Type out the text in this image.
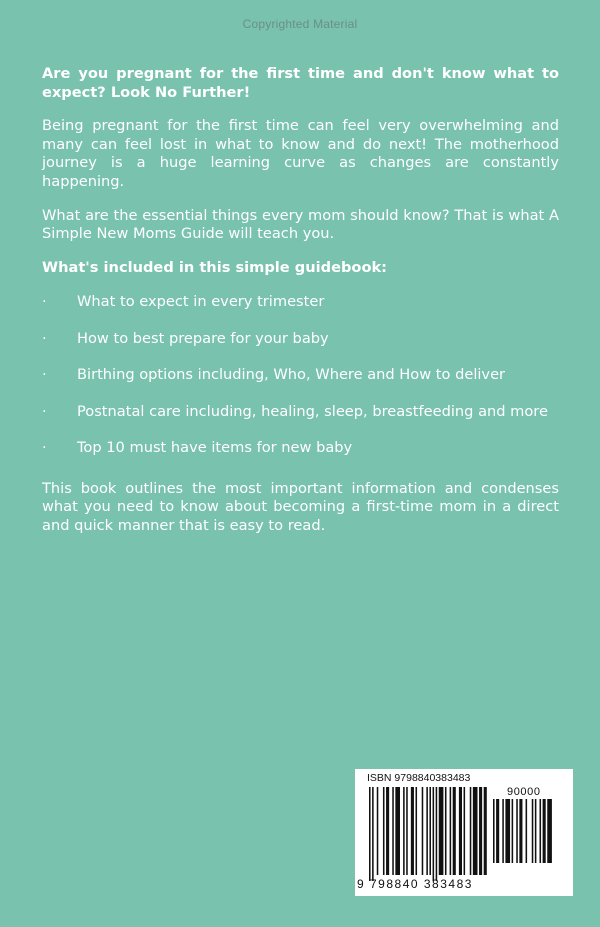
Copyrighted Material

Are you pregnant for the first time and don't know what to expect? Look No Further!

Being pregnant for the first time can feel very overwhelming and many can feel lost in what to know and do next! The motherhood journey is a huge learning curve as changes are constantly happening.

What are the essential things every mom should know? That is what A Simple New Moms Guide will teach you.

What's included in this simple guidebook:

· What to expect in every trimester
· How to best prepare for your baby
· Birthing options including, Who, Where and How to deliver
· Postnatal care including, healing, sleep, breastfeeding and more
· Top 10 must have items for new baby

This book outlines the most important information and condenses what you need to know about becoming a first-time mom in a direct and quick manner that is easy to read.

ISBN 9798840383483
90000
9 798840 383483
